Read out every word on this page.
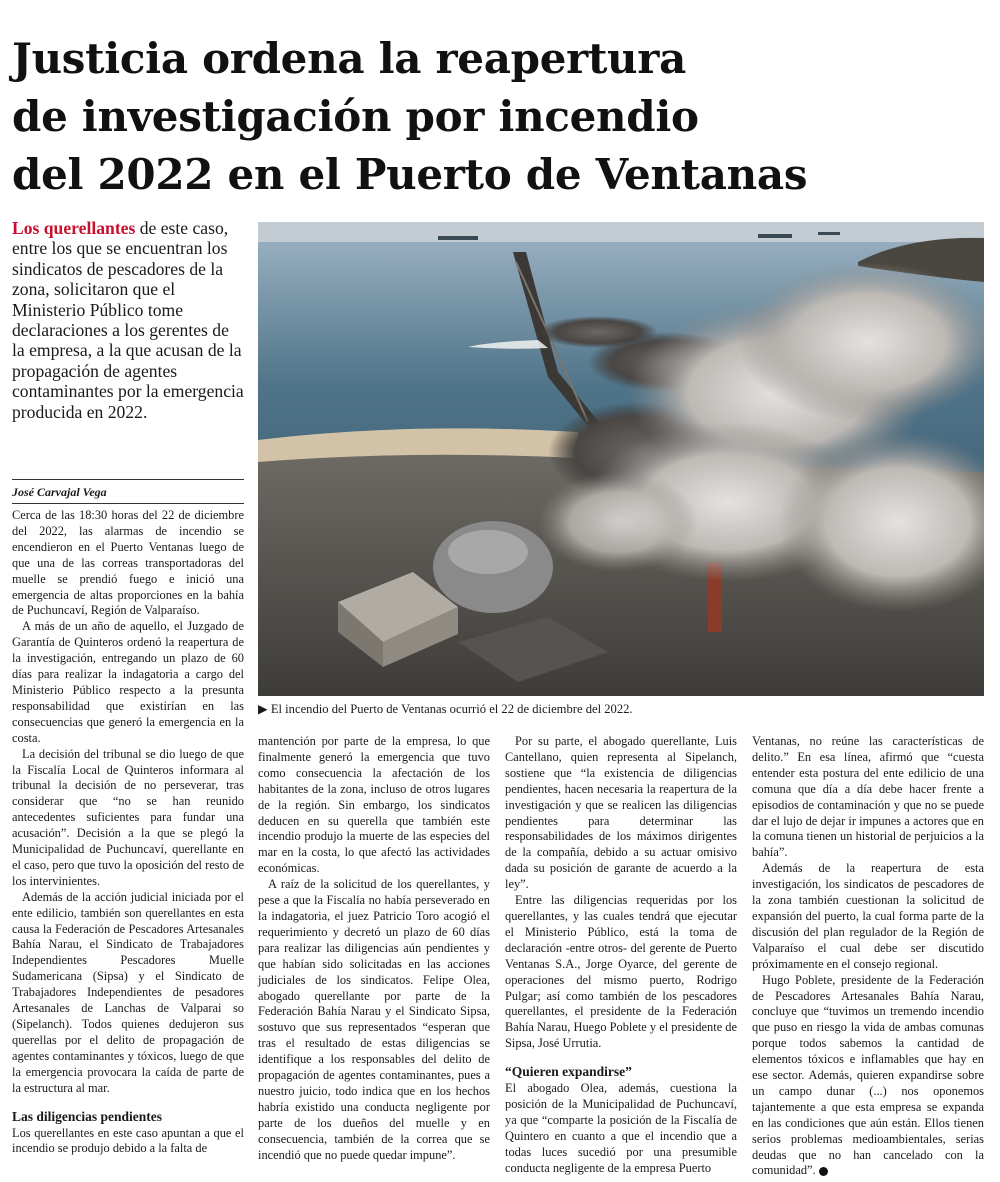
Justicia ordena la reapertura
de investigación por incendio
del 2022 en el Puerto de Ventanas
Los querellantes de este caso, entre los que se encuentran los sindicatos de pescadores de la zona, solicitaron que el Ministerio Público tome declaraciones a los gerentes de la empresa, a la que acusan de la propagación de agentes contaminantes por la emergencia producida en 2022.
José Carvajal Vega
▶ El incendio del Puerto de Ventanas ocurrió el 22 de diciembre del 2022.

Cerca de las 18:30 horas del 22 de diciembre del 2022, las alarmas de incendio se encendieron en el Puerto Ventanas luego de que una de las correas transportadoras del muelle se prendió fuego e inició una emergencia de altas proporciones en la bahía de Puchuncaví, Región de Valparaíso.

A más de un año de aquello, el Juzgado de Garantía de Quinteros ordenó la reapertura de la investigación, entregando un plazo de 60 días para realizar la indagatoria a cargo del Ministerio Público respecto a la presunta responsabilidad que existirían en las consecuencias que generó la emergencia en la costa.

La decisión del tribunal se dio luego de que la Fiscalía Local de Quinteros informara al tribunal la decisión de no perseverar, tras considerar que “no se han reunido antecedentes suficientes para fundar una acusación”. Decisión a la que se plegó la Municipalidad de Puchuncaví, querellante en el caso, pero que tuvo la oposición del resto de los intervinientes.

Además de la acción judicial iniciada por el ente edilicio, también son querellantes en esta causa la Federación de Pescadores Artesanales Bahía Narau, el Sindicato de Trabajadores Independientes Pescadores Muelle Sudamericana (Sipsa) y el Sindicato de Trabajadores Independientes de pesadores Artesanales de Lanchas de Valparai so (Sipelanch). Todos quienes dedujeron sus querellas por el delito de propagación de agentes contaminantes y tóxicos, luego de que la emergencia provocara la caída de parte de la estructura al mar.

Las diligencias pendientes

Los querellantes en este caso apuntan a que el incendio se produjo debido a la falta de

mantención por parte de la empresa, lo que finalmente generó la emergencia que tuvo como consecuencia la afectación de los habitantes de la zona, incluso de otros lugares de la región. Sin embargo, los sindicatos deducen en su querella que también este incendio produjo la muerte de las especies del mar en la costa, lo que afectó las actividades económicas.

A raíz de la solicitud de los querellantes, y pese a que la Fiscalía no había perseverado en la indagatoria, el juez Patricio Toro acogió el requerimiento y decretó un plazo de 60 días para realizar las diligencias aún pendientes y que habían sido solicitadas en las acciones judiciales de los sindicatos. Felipe Olea, abogado querellante por parte de la Federación Bahía Narau y el Sindicato Sipsa, sostuvo que sus representados “esperan que tras el resultado de estas diligencias se identifique a los responsables del delito de propagación de agentes contaminantes, pues a nuestro juicio, todo indica que en los hechos habría existido una conducta negligente por parte de los dueños del muelle y en consecuencia, también de la correa que se incendió que no puede quedar impune”.

Por su parte, el abogado querellante, Luis Cantellano, quien representa al Sipelanch, sostiene que “la existencia de diligencias pendientes, hacen necesaria la reapertura de la investigación y que se realicen las diligencias pendientes para determinar las responsabilidades de los máximos dirigentes de la compañía, debido a su actuar omisivo dada su posición de garante de acuerdo a la ley”.

Entre las diligencias requeridas por los querellantes, y las cuales tendrá que ejecutar el Ministerio Público, está la toma de declaración -entre otros- del gerente de Puerto Ventanas S.A., Jorge Oyarce, del gerente de operaciones del mismo puerto, Rodrigo Pulgar; así como también de los pescadores querellantes, el presidente de la Federación Bahía Narau, Huego Poblete y el presidente de Sipsa, José Urrutia.

“Quieren expandirse”

El abogado Olea, además, cuestiona la posición de la Municipalidad de Puchuncaví, ya que “comparte la posición de la Fiscalía de Quintero en cuanto a que el incendio que a todas luces sucedió por una presumible conducta negligente de la empresa Puerto

Ventanas, no reúne las características de delito.” En esa línea, afirmó que “cuesta entender esta postura del ente edilicio de una comuna que día a día debe hacer frente a episodios de contaminación y que no se puede dar el lujo de dejar ir impunes a actores que en la comuna tienen un historial de perjuicios a la bahía”.

Además de la reapertura de esta investigación, los sindicatos de pescadores de la zona también cuestionan la solicitud de expansión del puerto, la cual forma parte de la discusión del plan regulador de la Región de Valparaíso el cual debe ser discutido próximamente en el consejo regional.

Hugo Poblete, presidente de la Federación de Pescadores Artesanales Bahía Narau, concluye que “tuvimos un tremendo incendio que puso en riesgo la vida de ambas comunas porque todos sabemos la cantidad de elementos tóxicos e inflamables que hay en ese sector. Además, quieren expandirse sobre un campo dunar (...) nos oponemos tajantemente a que esta empresa se expanda en las condiciones que aún están. Ellos tienen serios problemas medioambientales, serias deudas que no han cancelado con la comunidad”.
